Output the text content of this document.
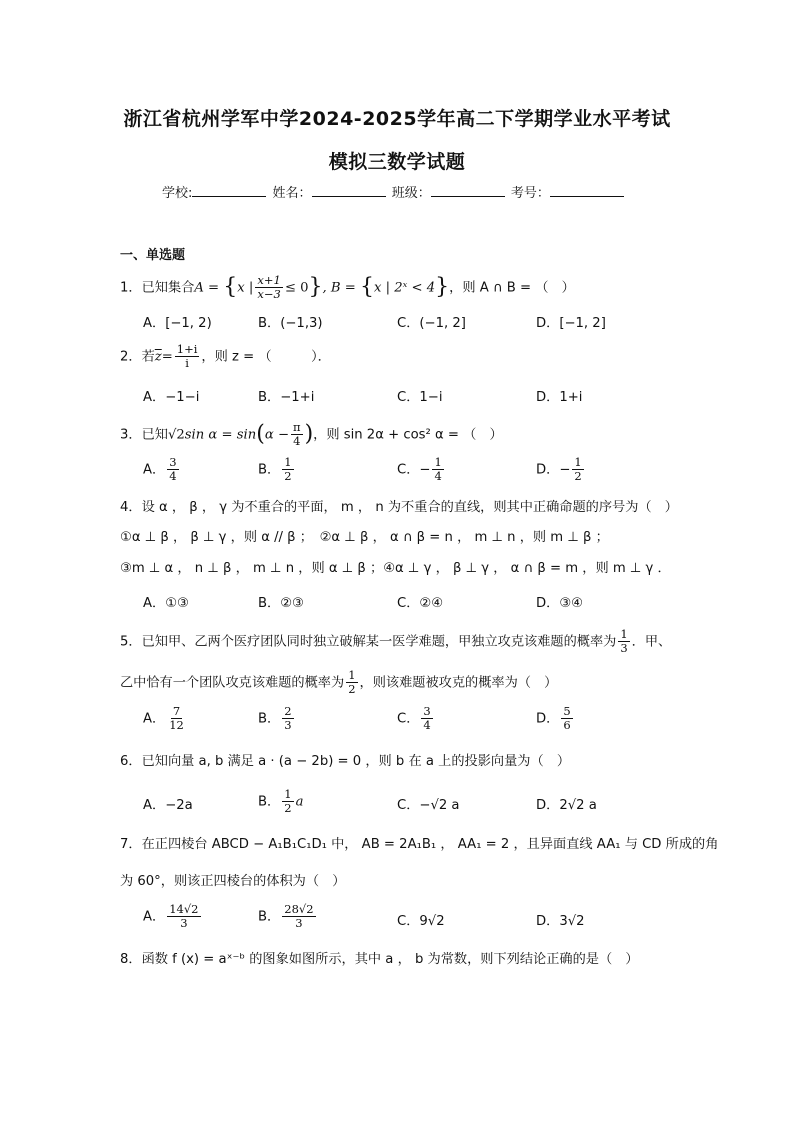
浙江省杭州学军中学2024-2025学年高二下学期学业水平考试
模拟三数学试题
学校:	姓名：	班级：	考号：
一、单选题
1．已知集合A = {x | $\frac{x+1}{x-3} \le 0$}, B = {x | 2ˣ < 4}，则 A ∩ B = （　）
A．[−1, 2)	B．(−1,3)	C．(−1, 2]	D．[−1, 2]
2．若$\overline{z}= \frac{1+i}{i}$ ，则 z = （　　　）．
A．−1−i	B．−1+i	C．1−i	D．1+i
3．已知√2sin $\alpha = \sin(\alpha - \frac{\pi}{4}$ )，则 sin 2α + cos² α = （　）
A． $\frac{3}{4}$	B． $\frac{1}{2}$	C．− $\frac{1}{4}$	D．− $\frac{1}{2}$
4．设 α ， β ， γ 为不重合的平面， m ， n 为不重合的直线，则其中正确命题的序号为（　）
①α ⊥ β ， β ⊥ γ ，则 α // β ；　②α ⊥ β ， α ∩ β = n ， m ⊥ n ，则 m ⊥ β ；
③m ⊥ α ， n ⊥ β ， m ⊥ n ，则 α ⊥ β ；④α ⊥ γ ， β ⊥ γ ， α ∩ β = m ，则 m ⊥ γ ．
A．①③	B．②③	C．②④	D．③④
5．已知甲、乙两个医疗团队同时独立破解某一医学难题，甲独立攻克该难题的概率为 $\frac{1}{3}$ ．甲、
乙中恰有一个团队攻克该难题的概率为 $\frac{1}{2}$ ，则该难题被攻克的概率为（　）
A． $\frac{7}{12}$	B． $\frac{2}{3}$	C． $\frac{3}{4}$	D． $\frac{5}{6}$
6．已知向量 a, b 满足 a · (a − 2b) = 0 ，则 b 在 a 上的投影向量为（　）
A．−2a	B． $\frac{1}{2}$ a	C．−√2 a	D．2√2 a
7．在正四棱台 ABCD − A₁B₁C₁D₁ 中， AB = 2A₁B₁ ， AA₁ = 2 ，且异面直线 AA₁ 与 CD 所成的角
为 60°，则该正四棱台的体积为（　）
A． $\frac{14√2}{3}$	B． $\frac{28√2}{3}$	C．9√2	D．3√2
8．函数 f (x) = aˣ⁻ᵇ 的图象如图所示，其中 a ， b 为常数，则下列结论正确的是（　）
